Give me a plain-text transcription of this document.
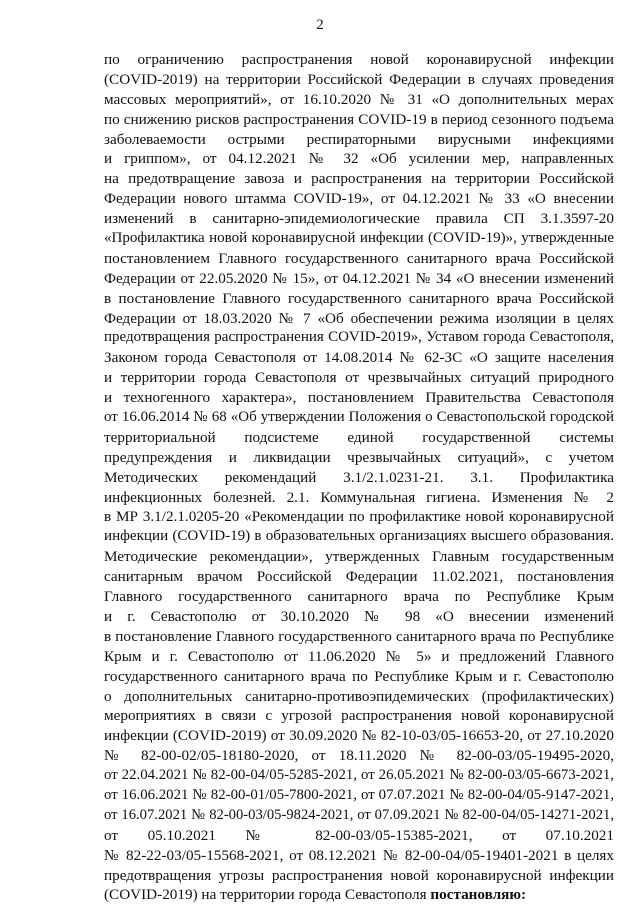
2
по ограничению распространения новой коронавирусной инфекции
(COVID-2019) на территории Российской Федерации в случаях проведения
массовых мероприятий», от 16.10.2020 № 31 «О дополнительных мерах
по снижению рисков распространения COVID-19 в период сезонного подъема
заболеваемости острыми респираторными вирусными инфекциями
и гриппом», от 04.12.2021 № 32 «Об усилении мер, направленных
на предотвращение завоза и распространения на территории Российской
Федерации нового штамма COVID-19», от 04.12.2021 № 33 «О внесении
изменений в санитарно-эпидемиологические правила СП 3.1.3597-20
«Профилактика новой коронавирусной инфекции (COVID-19)», утвержденные
постановлением Главного государственного санитарного врача Российской
Федерации от 22.05.2020 № 15», от 04.12.2021 № 34 «О внесении изменений
в постановление Главного государственного санитарного врача Российской
Федерации от 18.03.2020 № 7 «Об обеспечении режима изоляции в целях
предотвращения распространения COVID-2019», Уставом города Севастополя,
Законом города Севастополя от 14.08.2014 № 62-ЗС «О защите населения
и территории города Севастополя от чрезвычайных ситуаций природного
и техногенного характера», постановлением Правительства Севастополя
от 16.06.2014 № 68 «Об утверждении Положения о Севастопольской городской
территориальной подсистеме единой государственной системы
предупреждения и ликвидации чрезвычайных ситуаций», с учетом
Методических рекомендаций 3.1/2.1.0231-21. 3.1. Профилактика
инфекционных болезней. 2.1. Коммунальная гигиена. Изменения № 2
в МР 3.1/2.1.0205-20 «Рекомендации по профилактике новой коронавирусной
инфекции (COVID-19) в образовательных организациях высшего образования.
Методические рекомендации», утвержденных Главным государственным
санитарным врачом Российской Федерации 11.02.2021, постановления
Главного государственного санитарного врача по Республике Крым
и г. Севастополю от 30.10.2020 № 98 «О внесении изменений
в постановление Главного государственного санитарного врача по Республике
Крым и г. Севастополю от 11.06.2020 № 5» и предложений Главного
государственного санитарного врача по Республике Крым и г. Севастополю
о дополнительных санитарно-противоэпидемических (профилактических)
мероприятиях в связи с угрозой распространения новой коронавирусной
инфекции (COVID-2019) от 30.09.2020 № 82-10-03/05-16653-20, от 27.10.2020
№ 82-00-02/05-18180-2020, от 18.11.2020 № 82-00-03/05-19495-2020,
от 22.04.2021 № 82-00-04/05-5285-2021, от 26.05.2021 № 82-00-03/05-6673-2021,
от 16.06.2021 № 82-00-01/05-7800-2021, от 07.07.2021 № 82-00-04/05-9147-2021,
от 16.07.2021 № 82-00-03/05-9824-2021, от 07.09.2021 № 82-00-04/05-14271-2021,
от 05.10.2021 № 82-00-03/05-15385-2021, от 07.10.2021
№ 82-22-03/05-15568-2021, от 08.12.2021 № 82-00-04/05-19401-2021 в целях
предотвращения угрозы распространения новой коронавирусной инфекции
(COVID-2019) на территории города Севастополя постановляю:
